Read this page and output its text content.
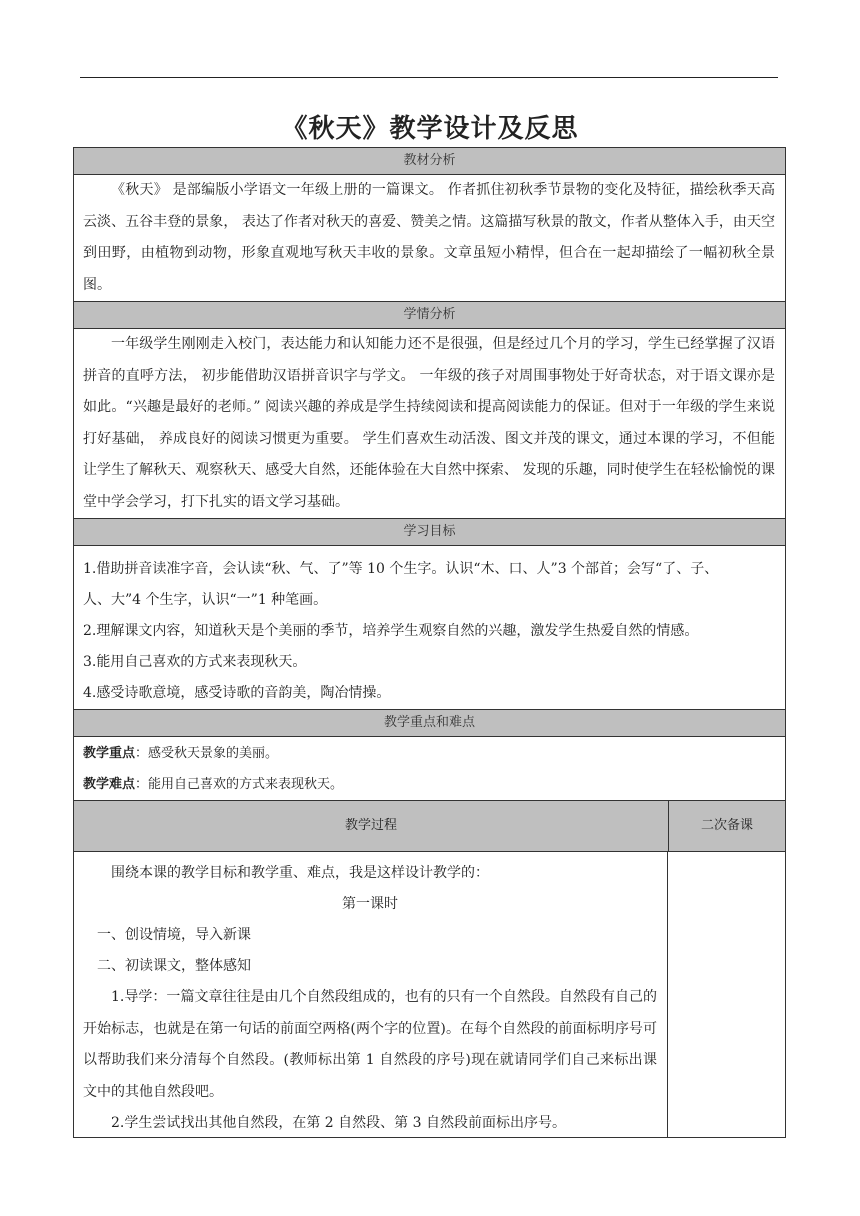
《秋天》教学设计及反思
教材分析
《秋天》 是部编版小学语文一年级上册的一篇课文。 作者抓住初秋季节景物的变化及特征，描绘秋季天高云淡、五谷丰登的景象， 表达了作者对秋天的喜爱、赞美之情。这篇描写秋景的散文，作者从整体入手，由天空到田野，由植物到动物，形象直观地写秋天丰收的景象。文章虽短小精悍，但合在一起却描绘了一幅初秋全景图。
学情分析
一年级学生刚刚走入校门，表达能力和认知能力还不是很强，但是经过几个月的学习，学生已经掌握了汉语拼音的直呼方法， 初步能借助汉语拼音识字与学文。 一年级的孩子对周围事物处于好奇状态，对于语文课亦是如此。“兴趣是最好的老师。” 阅读兴趣的养成是学生持续阅读和提高阅读能力的保证。但对于一年级的学生来说打好基础， 养成良好的阅读习惯更为重要。 学生们喜欢生动活泼、图文并茂的课文，通过本课的学习，不但能让学生了解秋天、观察秋天、感受大自然，还能体验在大自然中探索、 发现的乐趣，同时使学生在轻松愉悦的课堂中学会学习，打下扎实的语文学习基础。
学习目标
1.借助拼音读准字音，会认读“秋、气、了”等 10 个生字。认识“木、口、人”3 个部首；会写“了、子、
人、大”4 个生字，认识“一”1 种笔画。
2.理解课文内容，知道秋天是个美丽的季节，培养学生观察自然的兴趣，激发学生热爱自然的情感。
3.能用自己喜欢的方式来表现秋天。
4.感受诗歌意境，感受诗歌的音韵美，陶冶情操。
教学重点和难点
教学重点：感受秋天景象的美丽。
教学难点：能用自己喜欢的方式来表现秋天。
教学过程	二次备课
围绕本课的教学目标和教学重、难点，我是这样设计教学的：
第一课时
一、创设情境，导入新课
二、初读课文，整体感知
1.导学：一篇文章往往是由几个自然段组成的，也有的只有一个自然段。自然段有自己的开始标志，也就是在第一句话的前面空两格(两个字的位置)。在每个自然段的前面标明序号可以帮助我们来分清每个自然段。(教师标出第 1 自然段的序号)现在就请同学们自己来标出课文中的其他自然段吧。
2.学生尝试找出其他自然段，在第 2 自然段、第 3 自然段前面标出序号。
